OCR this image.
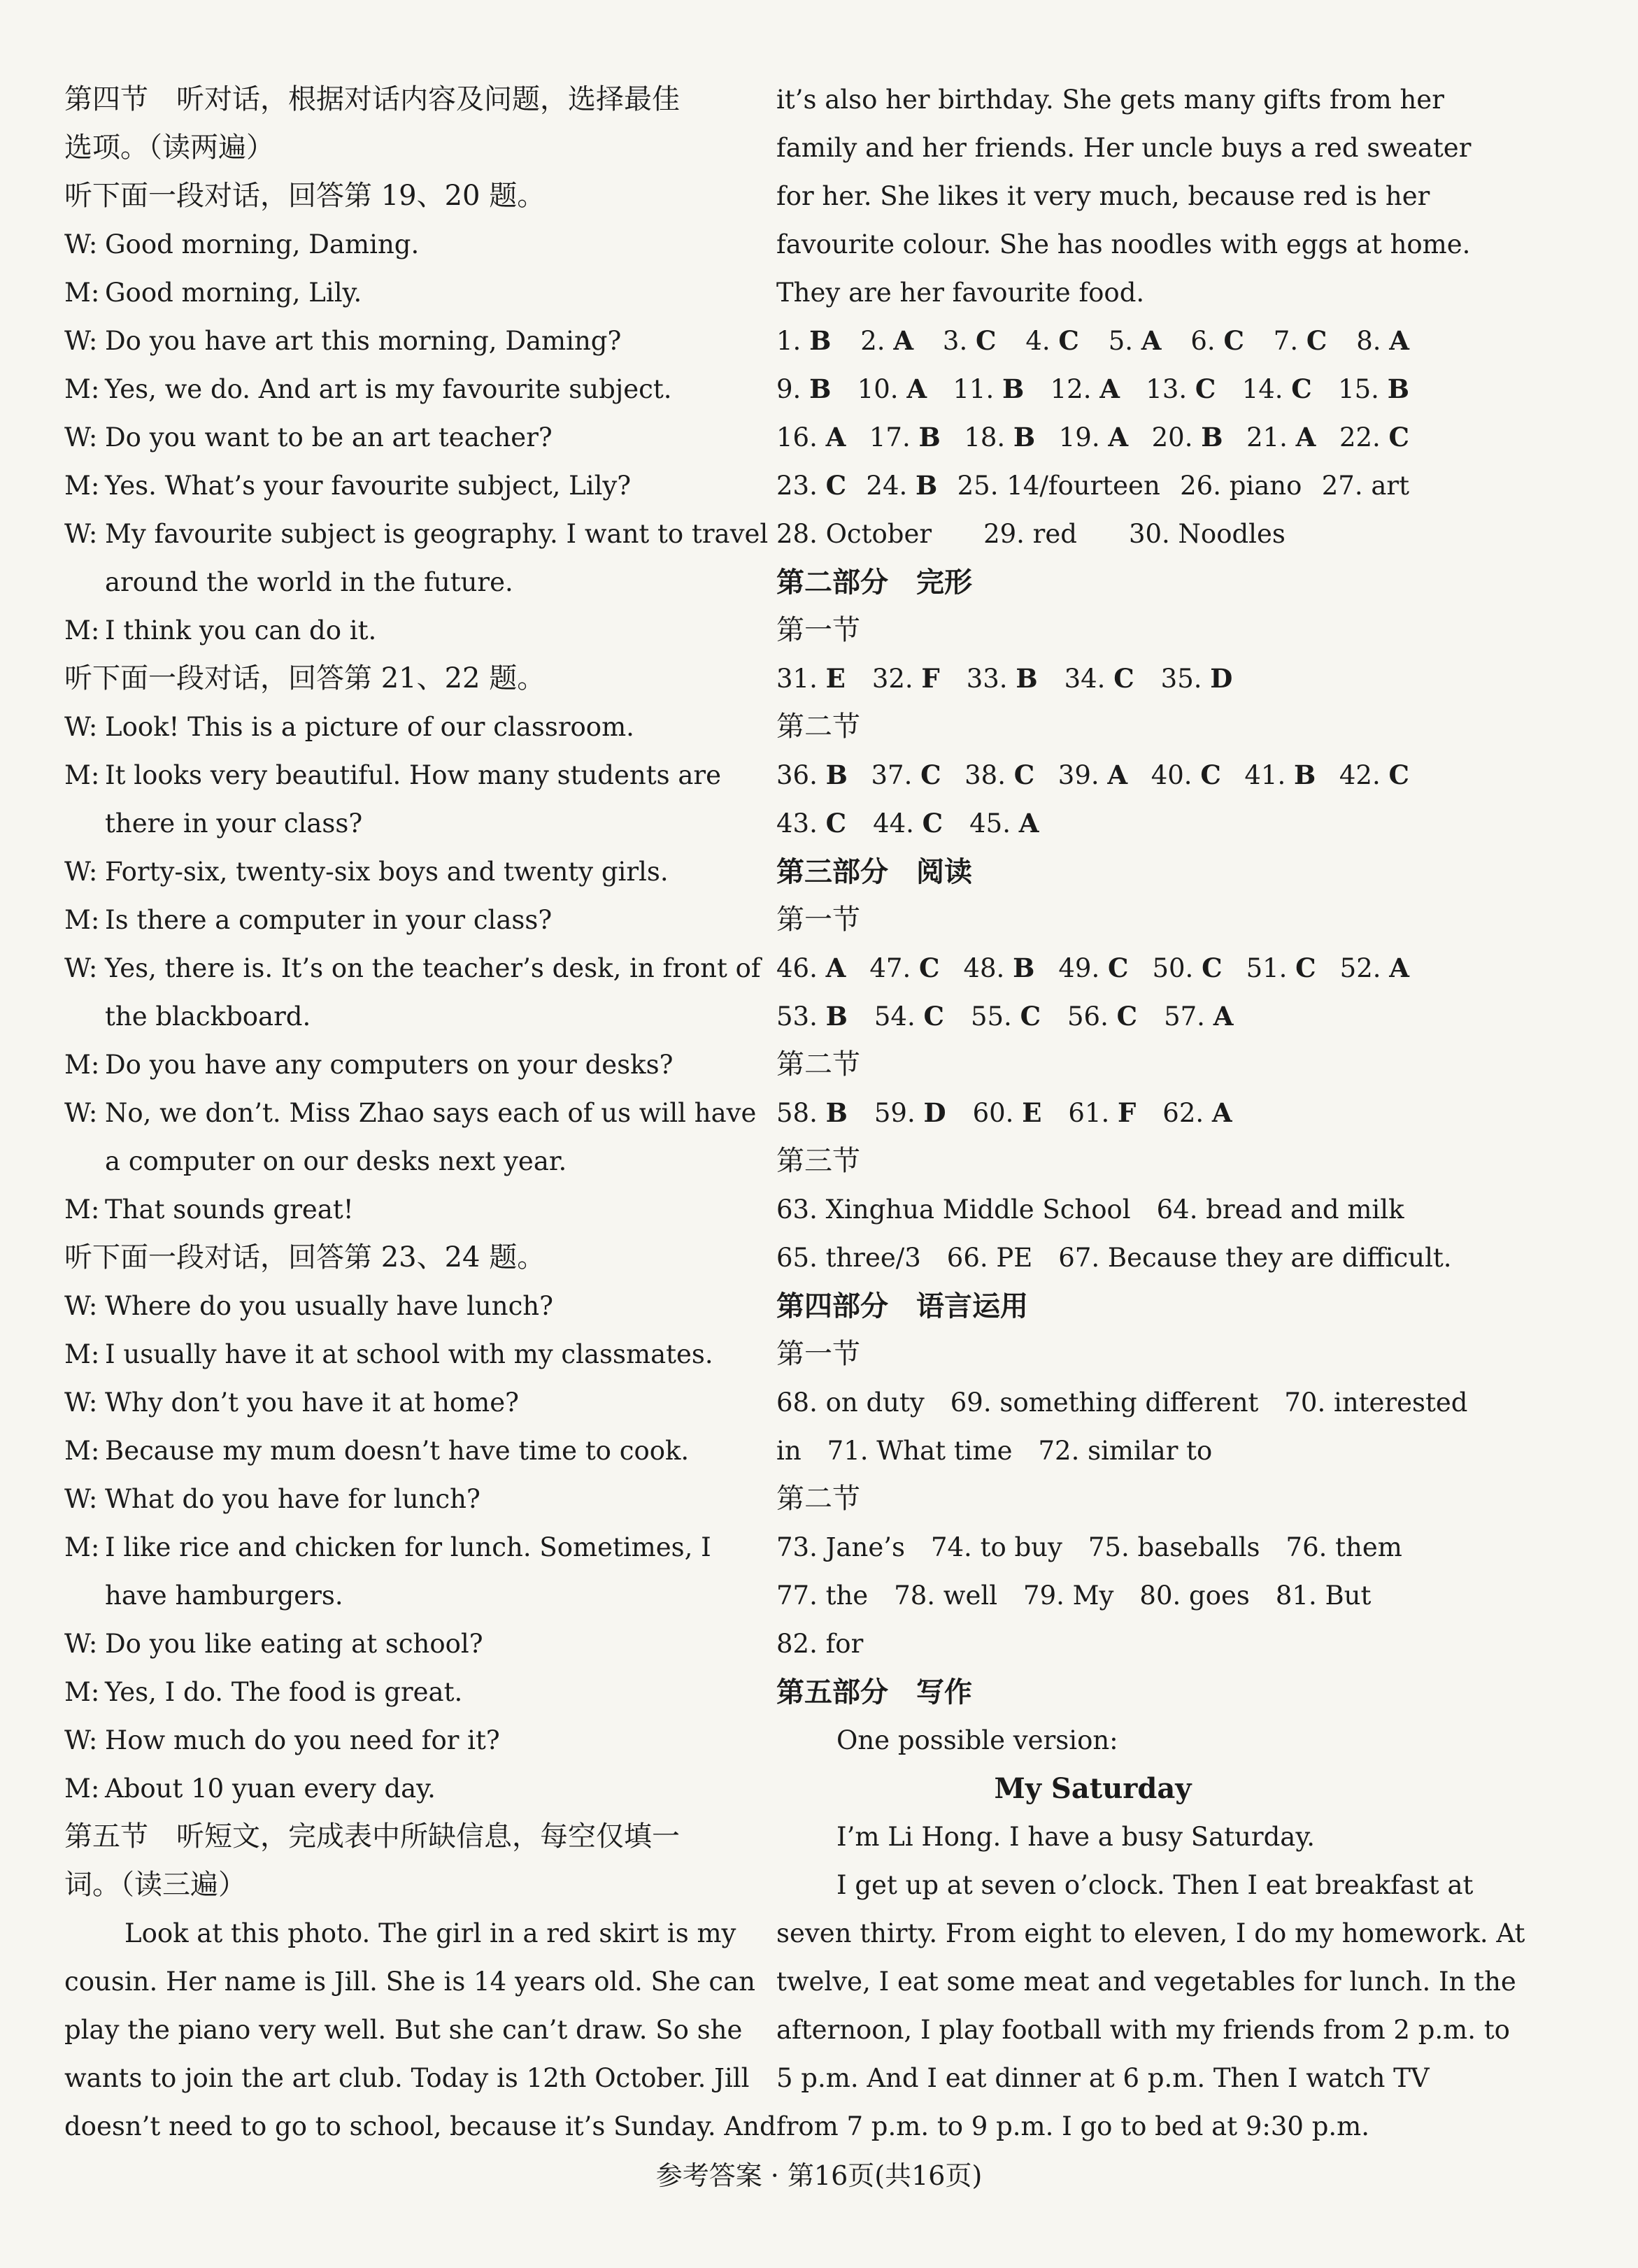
第四节　听对话，根据对话内容及问题，选择最佳
选项。（读两遍）
听下面一段对话，回答第 19、20 题。
W: Good morning, Daming.
M: Good morning, Lily.
W: Do you have art this morning, Daming?
M: Yes, we do. And art is my favourite subject.
W: Do you want to be an art teacher?
M: Yes. What’s your favourite subject, Lily?
W: My favourite subject is geography. I want to travel
around the world in the future.
M: I think you can do it.
听下面一段对话，回答第 21、22 题。
W: Look! This is a picture of our classroom.
M: It looks very beautiful. How many students are
there in your class?
W: Forty-six, twenty-six boys and twenty girls.
M: Is there a computer in your class?
W: Yes, there is. It’s on the teacher’s desk, in front of
the blackboard.
M: Do you have any computers on your desks?
W: No, we don’t. Miss Zhao says each of us will have
a computer on our desks next year.
M: That sounds great!
听下面一段对话，回答第 23、24 题。
W: Where do you usually have lunch?
M: I usually have it at school with my classmates.
W: Why don’t you have it at home?
M: Because my mum doesn’t have time to cook.
W: What do you have for lunch?
M: I like rice and chicken for lunch. Sometimes, I
have hamburgers.
W: Do you like eating at school?
M: Yes, I do. The food is great.
W: How much do you need for it?
M: About 10 yuan every day.
第五节　听短文，完成表中所缺信息，每空仅填一
词。（读三遍）
Look at this photo. The girl in a red skirt is my
cousin. Her name is Jill. She is 14 years old. She can
play the piano very well. But she can’t draw. So she
wants to join the art club. Today is 12th October. Jill
doesn’t need to go to school, because it’s Sunday. And
it’s also her birthday. She gets many gifts from her
family and her friends. Her uncle buys a red sweater
for her. She likes it very much, because red is her
favourite colour. She has noodles with eggs at home.
They are her favourite food.
1. B 2. A 3. C 4. C 5. A 6. C 7. C 8. A
9. B 10. A 11. B 12. A 13. C 14. C 15. B
16. A 17. B 18. B 19. A 20. B 21. A 22. C
23. C 24. B 25. 14/fourteen 26. piano 27. art
28. October　　29. red　　30. Noodles
第二部分　完形
第一节
31. E 32. F 33. B 34. C 35. D
第二节
36. B 37. C 38. C 39. A 40. C 41. B 42. C
43. C 44. C 45. A
第三部分　阅读
第一节
46. A 47. C 48. B 49. C 50. C 51. C 52. A
53. B 54. C 55. C 56. C 57. A
第二节
58. B 59. D 60. E 61. F 62. A
第三节
63. Xinghua Middle School　64. bread and milk
65. three/3　66. PE　67. Because they are difficult.
第四部分　语言运用
第一节
68. on duty　69. something different　70. interested
in　71. What time　72. similar to
第二节
73. Jane’s　74. to buy　75. baseballs　76. them
77. the　78. well　79. My　80. goes　81. But
82. for
第五部分　写作
One possible version:
My Saturday
I’m Li Hong. I have a busy Saturday.
I get up at seven o’clock. Then I eat breakfast at
seven thirty. From eight to eleven, I do my homework. At
twelve, I eat some meat and vegetables for lunch. In the
afternoon, I play football with my friends from 2 p.m. to
5 p.m. And I eat dinner at 6 p.m. Then I watch TV
from 7 p.m. to 9 p.m. I go to bed at 9:30 p.m.
参考答案 · 第16页(共16页)
